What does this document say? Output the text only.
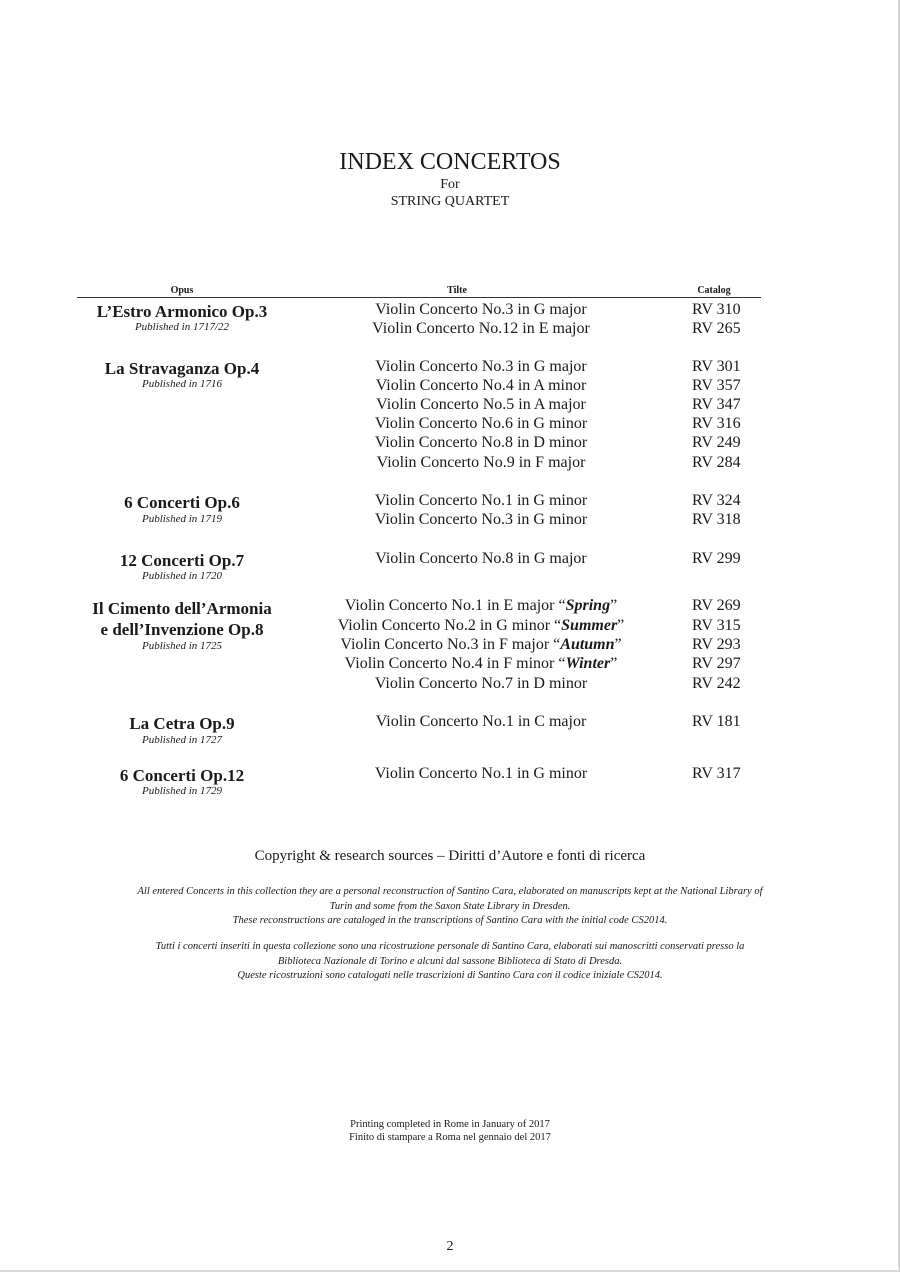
INDEX CONCERTOS
For
STRING QUARTET
Opus	Tilte	Catalog
L’Estro Armonico Op.3
Published in 1717/22
Violin Concerto No.3 in G major	RV 310
Violin Concerto No.12 in E major	RV 265
La Stravaganza Op.4
Published in 1716
Violin Concerto No.3 in G major	RV 301
Violin Concerto No.4 in A minor	RV 357
Violin Concerto No.5 in A major	RV 347
Violin Concerto No.6 in G minor	RV 316
Violin Concerto No.8 in D minor	RV 249
Violin Concerto No.9 in F major	RV 284
6 Concerti Op.6
Published in 1719
Violin Concerto No.1 in G minor	RV 324
Violin Concerto No.3 in G minor	RV 318
12 Concerti Op.7
Published in 1720
Violin Concerto No.8 in G major	RV 299
Il Cimento dell’Armonia
e dell’Invenzione Op.8
Published in 1725
Violin Concerto No.1 in E major “Spring”	RV 269
Violin Concerto No.2 in G minor “Summer”	RV 315
Violin Concerto No.3 in F major “Autumn”	RV 293
Violin Concerto No.4 in F minor “Winter”	RV 297
Violin Concerto No.7 in D minor	RV 242
La Cetra Op.9
Published in 1727
Violin Concerto No.1 in C major	RV 181
6 Concerti Op.12
Published in 1729
Violin Concerto No.1 in G minor	RV 317
Copyright & research sources – Diritti d’Autore e fonti di ricerca
All entered Concerts in this collection they are a personal reconstruction of Santino Cara, elaborated on manuscripts kept at the National Library of
Turin and some from the Saxon State Library in Dresden.
These reconstructions are cataloged in the transcriptions of Santino Cara with the initial code CS2014.
Tutti i concerti inseriti in questa collezione sono una ricostruzione personale di Santino Cara, elaborati sui manoscritti conservati presso la
Biblioteca Nazionale di Torino e alcuni dal sassone Biblioteca di Stato di Dresda.
Queste ricostruzioni sono catalogati nelle trascrizioni di Santino Cara con il codice iniziale CS2014.
Printing completed in Rome in January of 2017
Finito di stampare a Roma nel gennaio del 2017
2
